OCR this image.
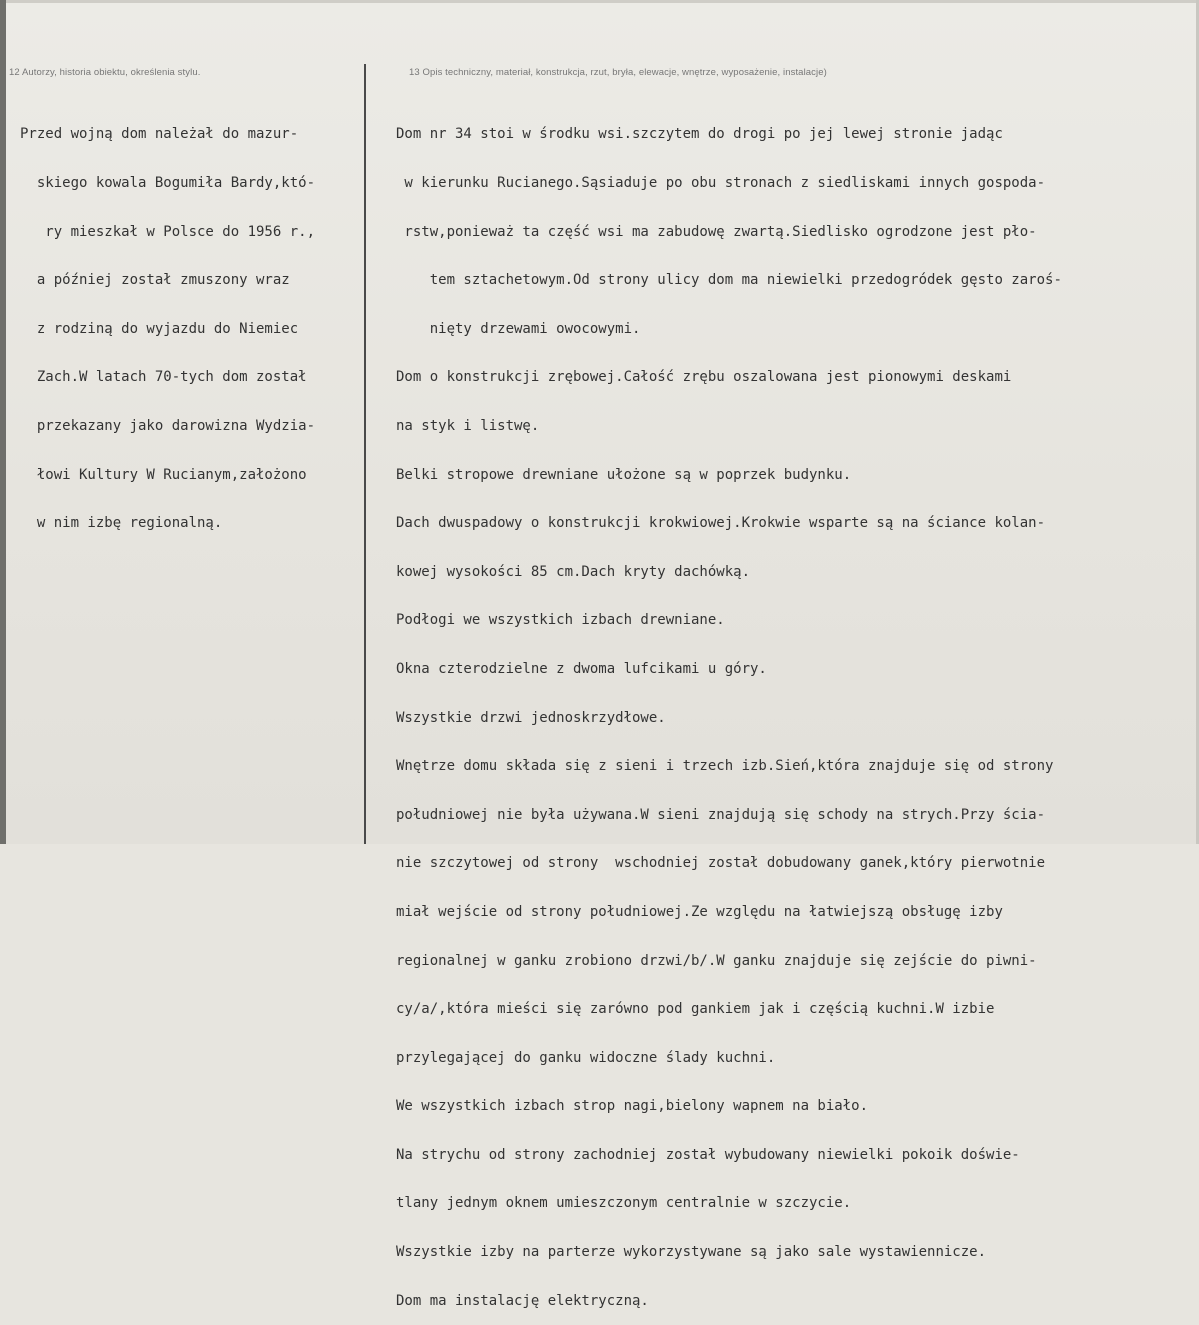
12 Autorzy, historia obiektu, określenia stylu.	13 Opis techniczny, materiał, konstrukcja, rzut, bryła, elewacje, wnętrze, wyposażenie, instalacje)

Przed wojną dom należał do mazur-

skiego kowala Bogumiła Bardy,któ-

ry mieszkał w Polsce do 1956 r.,

a później został zmuszony wraz

z rodziną do wyjazdu do Niemiec

Zach.W latach 70-tych dom został

przekazany jako darowizna Wydzia-

łowi Kultury W Rucianym,założono

w nim izbę regionalną.

Dom nr 34 stoi w środku wsi.szczytem do drogi po jej lewej stronie jadąc

w kierunku Rucianego.Sąsiaduje po obu stronach z siedliskami innych gospoda-

rstw,ponieważ ta część wsi ma zabudowę zwartą.Siedlisko ogrodzone jest pło-

tem sztachetowym.Od strony ulicy dom ma niewielki przedogródek gęsto zaroś-

nięty drzewami owocowymi.

Dom o konstrukcji zrębowej.Całość zrębu oszalowana jest pionowymi deskami

na styk i listwę.

Belki stropowe drewniane ułożone są w poprzek budynku.

Dach dwuspadowy o konstrukcji krokwiowej.Krokwie wsparte są na ściance kolan-

kowej wysokości 85 cm.Dach kryty dachówką.

Podłogi we wszystkich izbach drewniane.

Okna czterodzielne z dwoma lufcikami u góry.

Wszystkie drzwi jednoskrzydłowe.

Wnętrze domu składa się z sieni i trzech izb.Sień,która znajduje się od strony

południowej nie była używana.W sieni znajdują się schody na strych.Przy ścia-

nie szczytowej od strony  wschodniej został dobudowany ganek,który pierwotnie

miał wejście od strony południowej.Ze względu na łatwiejszą obsługę izby

regionalnej w ganku zrobiono drzwi/b/.W ganku znajduje się zejście do piwni-

cy/a/,która mieści się zarówno pod gankiem jak i częścią kuchni.W izbie

przylegającej do ganku widoczne ślady kuchni.

We wszystkich izbach strop nagi,bielony wapnem na biało.

Na strychu od strony zachodniej został wybudowany niewielki pokoik doświe-

tlany jednym oknem umieszczonym centralnie w szczycie.

Wszystkie izby na parterze wykorzystywane są jako sale wystawiennicze.

Dom ma instalację elektryczną.
